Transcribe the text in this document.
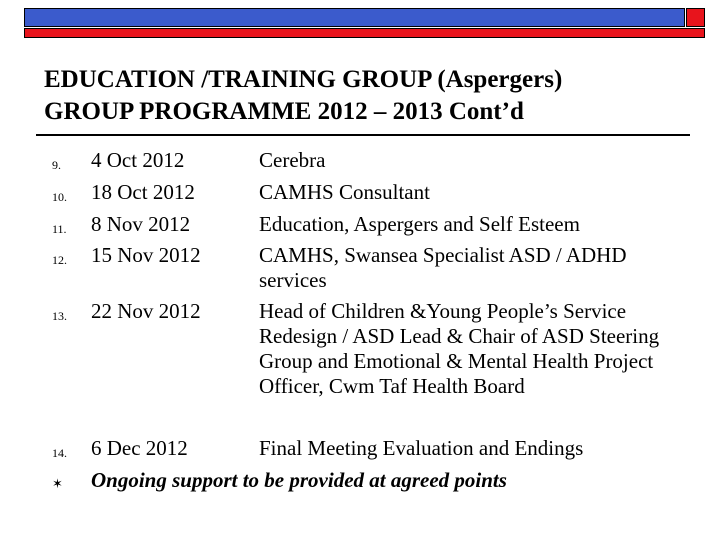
EDUCATION /TRAINING GROUP (Aspergers)
GROUP PROGRAMME 2012 – 2013 Cont’d
9.	4 Oct 2012	Cerebra
10.	18 Oct 2012	CAMHS Consultant
11.	8 Nov 2012	Education, Aspergers and Self Esteem
12.	15 Nov 2012	CAMHS, Swansea Specialist ASD / ADHD services
13.	22 Nov 2012	Head of Children &Young People’s Service Redesign / ASD Lead & Chair of ASD Steering Group and Emotional & Mental Health Project Officer, Cwm Taf Health Board
14.	6 Dec 2012	Final Meeting Evaluation and Endings
✶ Ongoing support to be provided at agreed points
